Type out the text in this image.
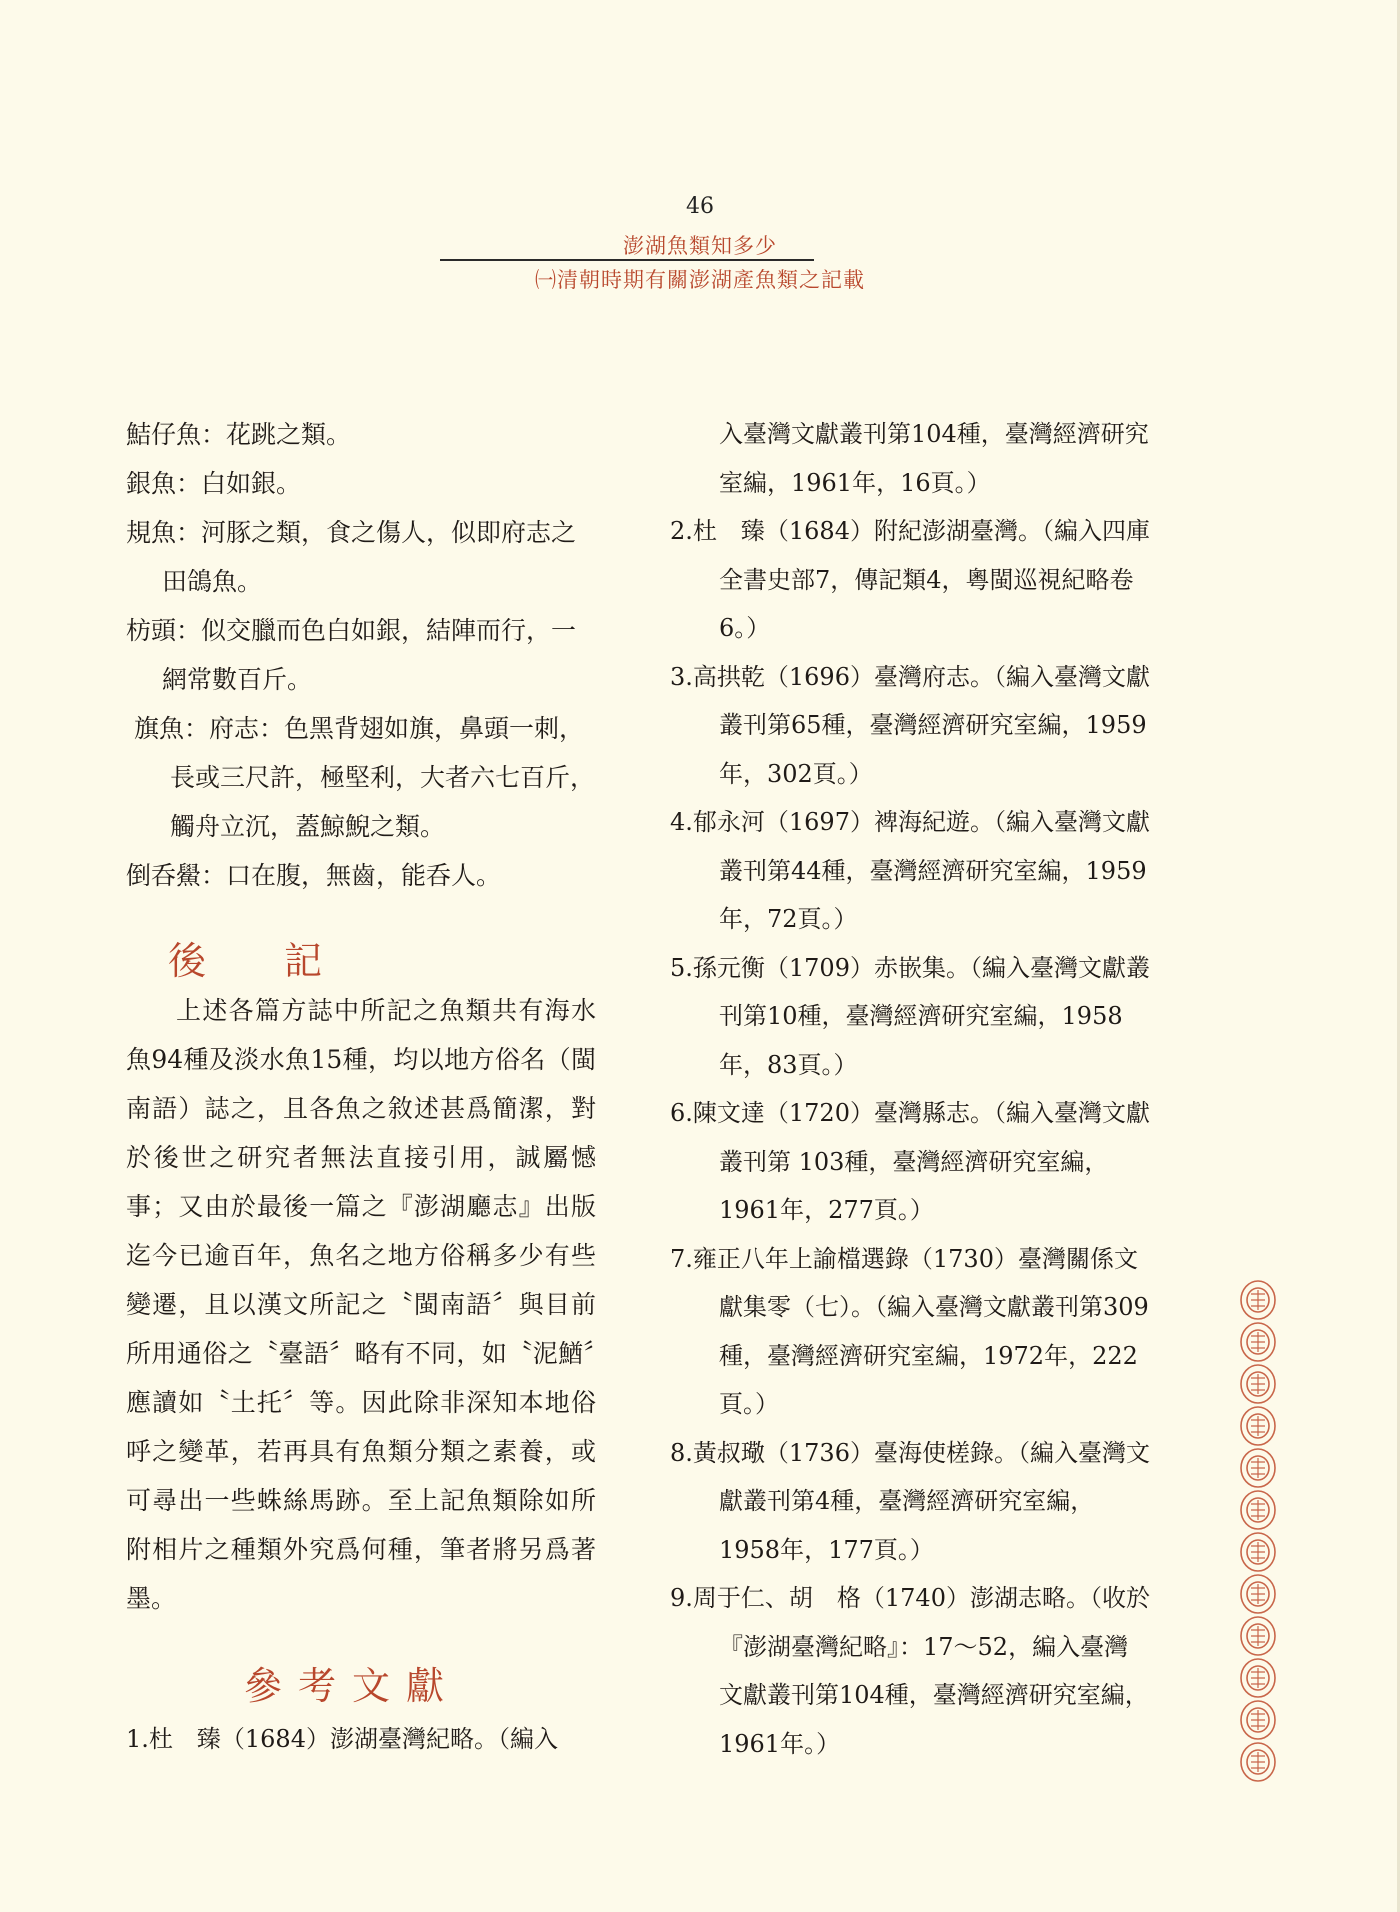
46
澎湖魚類知多少
㈠清朝時期有關澎湖產魚類之記載
鮚仔魚：花跳之類。
銀魚：白如銀。
規魚：河豚之類，食之傷人，似即府志之田鴿魚。
枋頭：似交臘而色白如銀，結陣而行，一網常數百斤。
旗魚：府志：色黑背翅如旗，鼻頭一刺，長或三尺許，極堅利，大者六七百斤，觸舟立沉，蓋鯨鯢之類。
倒呑鱟：口在腹，無齒，能呑人。
後 記

上述各篇方誌中所記之魚類共有海水魚94種及淡水魚15種，均以地方俗名（閩南語）誌之，且各魚之敘述甚爲簡潔，對於後世之研究者無法直接引用，誠屬憾事；又由於最後一篇之『澎湖廳志』出版迄今已逾百年，魚名之地方俗稱多少有些變遷，且以漢文所記之〝閩南語〞與目前所用通俗之〝臺語〞略有不同，如〝泥鰌〞應讀如〝土托〞等。因此除非深知本地俗呼之變革，若再具有魚類分類之素養，或可尋出一些蛛絲馬跡。至上記魚類除如所附相片之種類外究爲何種，筆者將另爲著墨。

參考文獻

1.杜　臻（1684）澎湖臺灣紀略。（編入

入臺灣文獻叢刊第104種，臺灣經濟研究室編，1961年，16頁。）

2.杜　臻（1684）附紀澎湖臺灣。（編入四庫全書史部7，傳記類4，粵閩巡視紀略卷6。）

3.高拱乾（1696）臺灣府志。（編入臺灣文獻叢刊第65種，臺灣經濟研究室編，1959年，302頁。）

4.郁永河（1697）裨海紀遊。（編入臺灣文獻叢刊第44種，臺灣經濟研究室編，1959年，72頁。）

5.孫元衡（1709）赤嵌集。（編入臺灣文獻叢刊第10種，臺灣經濟研究室編，1958年，83頁。）

6.陳文達（1720）臺灣縣志。（編入臺灣文獻叢刊第 103種，臺灣經濟研究室編，1961年，277頁。）

7.雍正八年上諭檔選錄（1730）臺灣關係文獻集零（七）。（編入臺灣文獻叢刊第309種，臺灣經濟研究室編，1972年，222頁。）

8.黃叔璥（1736）臺海使槎錄。（編入臺灣文獻叢刊第4種，臺灣經濟研究室編，1958年，177頁。）

9.周于仁、胡　格（1740）澎湖志略。（收於『澎湖臺灣紀略』：17～52，編入臺灣文獻叢刊第104種，臺灣經濟研究室編，1961年。）
